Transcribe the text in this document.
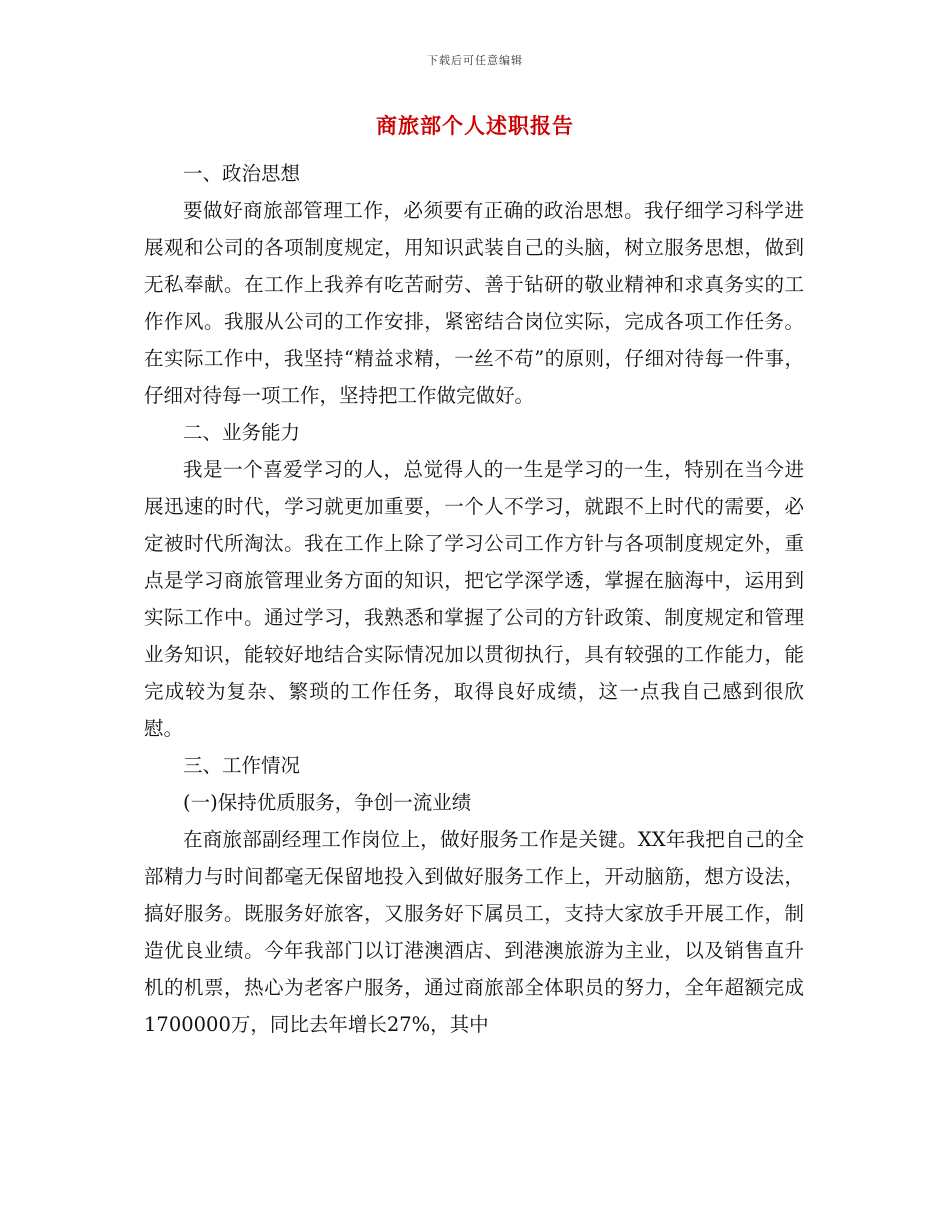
下载后可任意编辑
商旅部个人述职报告

一、政治思想

要做好商旅部管理工作，必须要有正确的政治思想。我仔细学习科学进展观和公司的各项制度规定，用知识武装自己的头脑，树立服务思想，做到无私奉献。在工作上我养有吃苦耐劳、善于钻研的敬业精神和求真务实的工作作风。我服从公司的工作安排，紧密结合岗位实际，完成各项工作任务。在实际工作中，我坚持“精益求精，一丝不苟”的原则，仔细对待每一件事，仔细对待每一项工作，坚持把工作做完做好。

二、业务能力

我是一个喜爱学习的人，总觉得人的一生是学习的一生，特别在当今进展迅速的时代，学习就更加重要，一个人不学习，就跟不上时代的需要，必定被时代所淘汰。我在工作上除了学习公司工作方针与各项制度规定外，重点是学习商旅管理业务方面的知识，把它学深学透，掌握在脑海中，运用到实际工作中。通过学习，我熟悉和掌握了公司的方针政策、制度规定和管理业务知识，能较好地结合实际情况加以贯彻执行，具有较强的工作能力，能完成较为复杂、繁琐的工作任务，取得良好成绩，这一点我自己感到很欣慰。

三、工作情况

(一)保持优质服务，争创一流业绩

在商旅部副经理工作岗位上，做好服务工作是关键。XX年我把自己的全部精力与时间都毫无保留地投入到做好服务工作上，开动脑筋，想方设法，搞好服务。既服务好旅客，又服务好下属员工，支持大家放手开展工作，制造优良业绩。今年我部门以订港澳酒店、到港澳旅游为主业，以及销售直升机的机票，热心为老客户服务，通过商旅部全体职员的努力，全年超额完成1700000万，同比去年增长27%，其中
